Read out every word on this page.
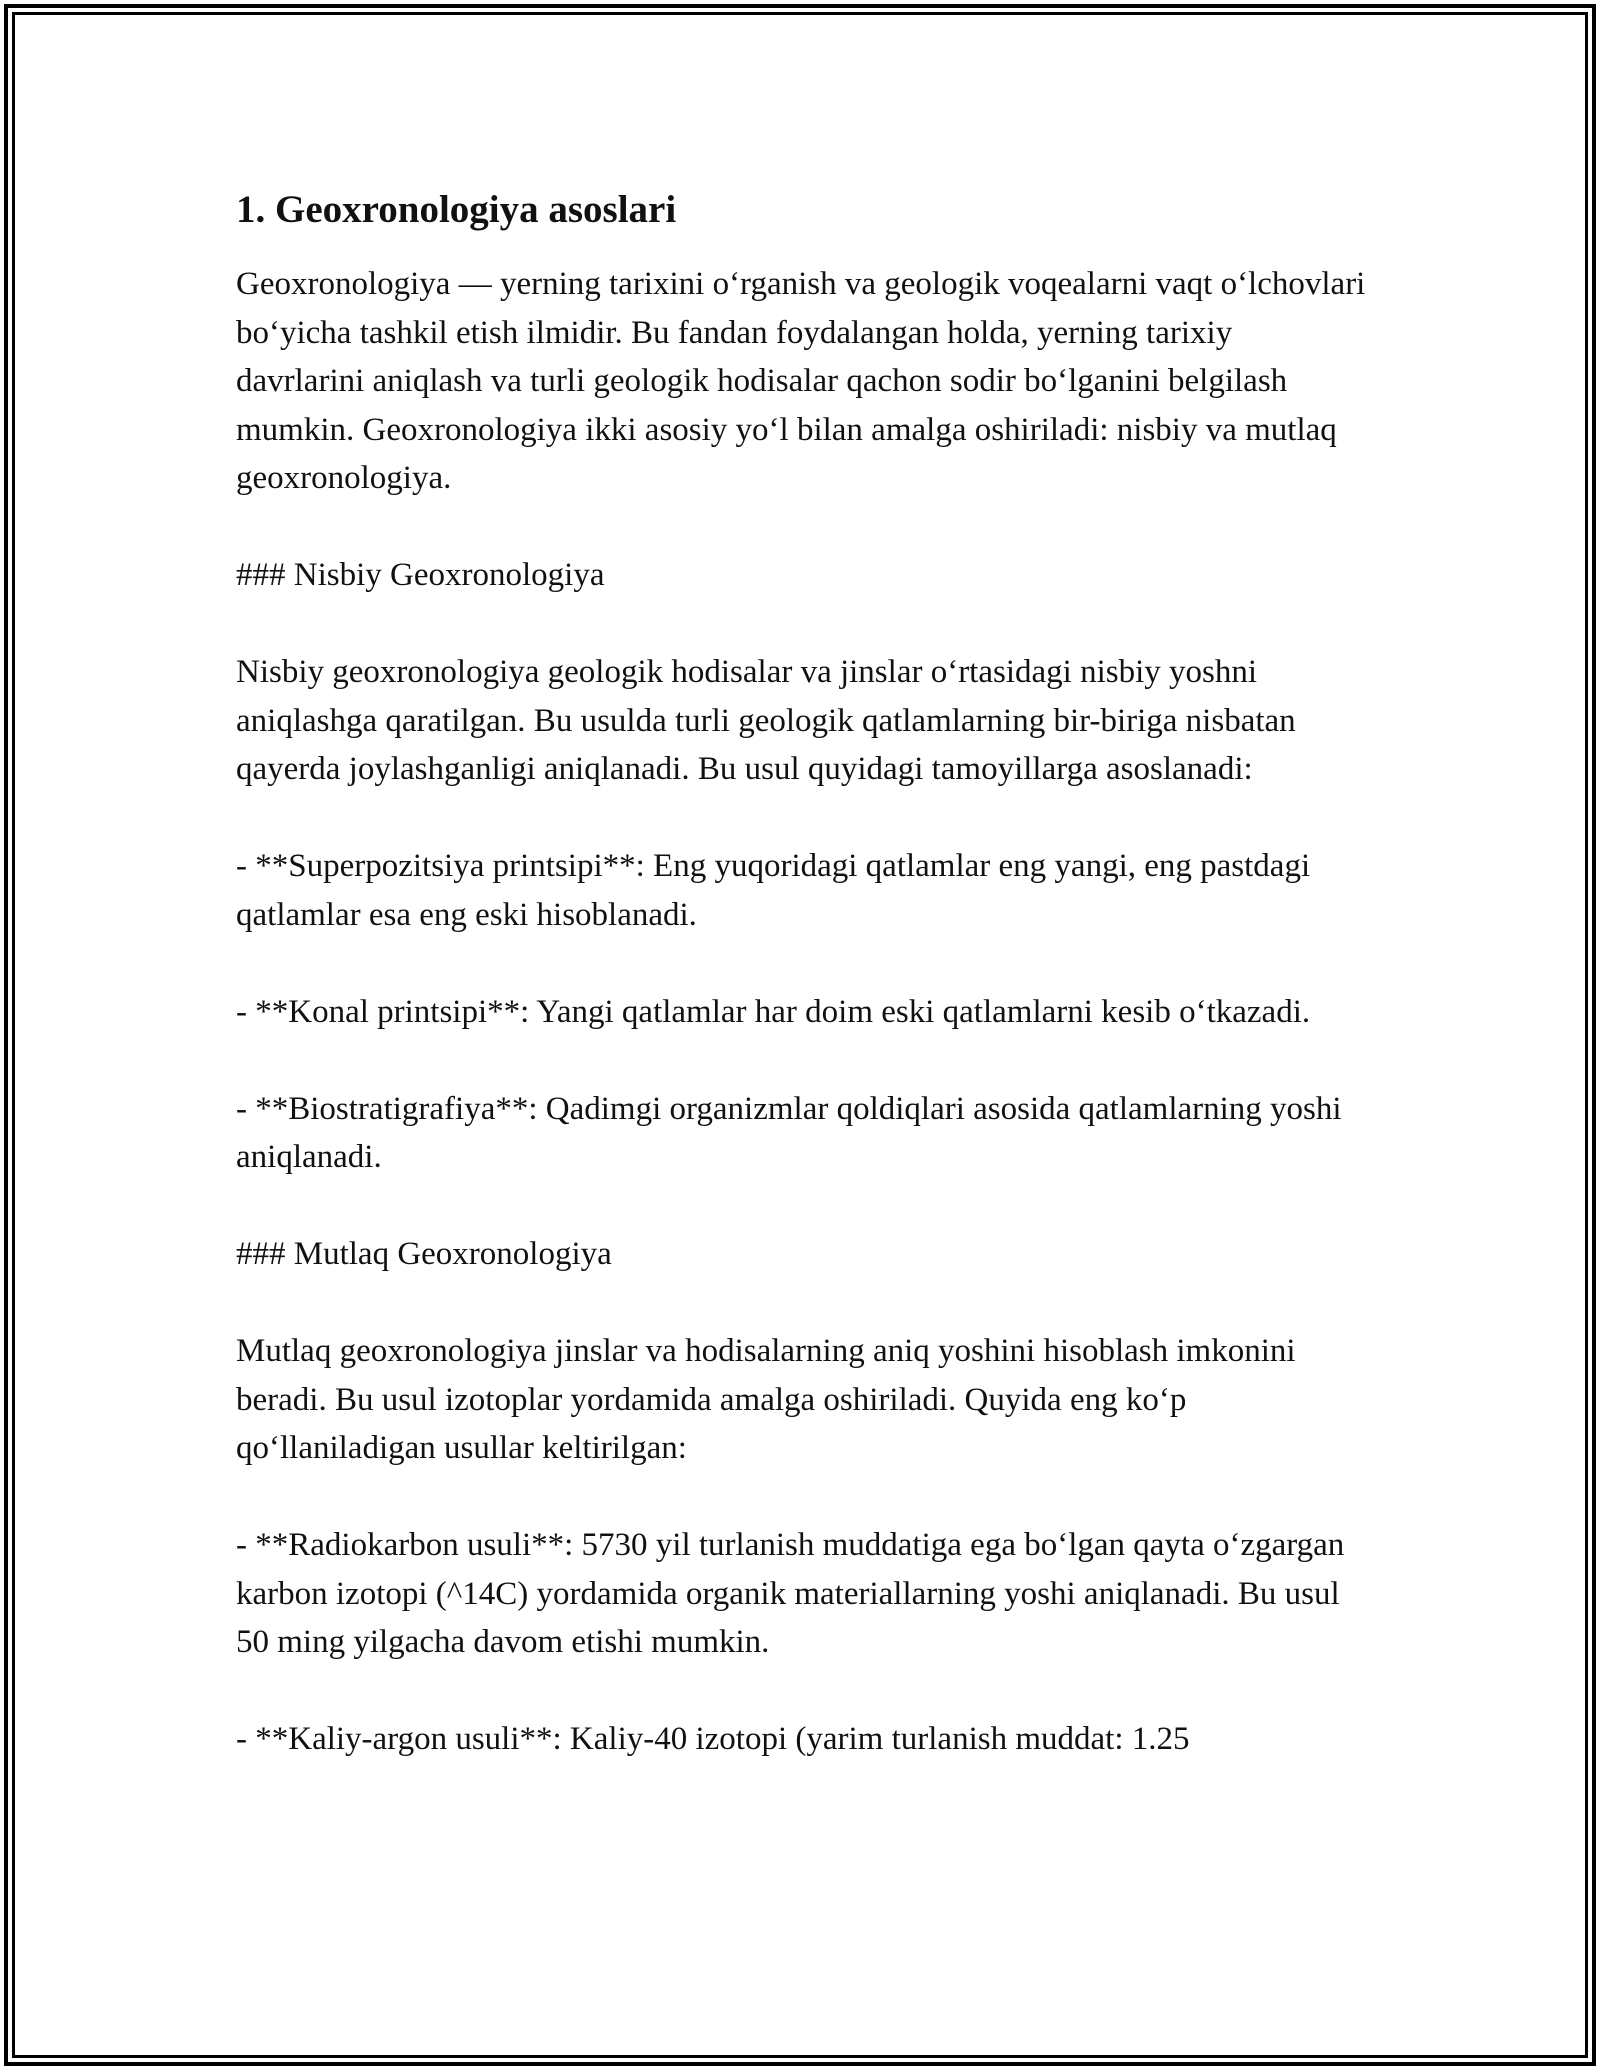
1. Geoxronologiya asoslari

Geoxronologiya — yerning tarixini o‘rganish va geologik voqealarni vaqt o‘lchovlari bo‘yicha tashkil etish ilmidir. Bu fandan foydalangan holda, yerning tarixiy davrlarini aniqlash va turli geologik hodisalar qachon sodir bo‘lganini belgilash mumkin. Geoxronologiya ikki asosiy yo‘l bilan amalga oshiriladi: nisbiy va mutlaq geoxronologiya.

### Nisbiy Geoxronologiya

Nisbiy geoxronologiya geologik hodisalar va jinslar o‘rtasidagi nisbiy yoshni aniqlashga qaratilgan. Bu usulda turli geologik qatlamlarning bir-biriga nisbatan qayerda joylashganligi aniqlanadi. Bu usul quyidagi tamoyillarga asoslanadi:

- **Superpozitsiya printsipi**: Eng yuqoridagi qatlamlar eng yangi, eng pastdagi qatlamlar esa eng eski hisoblanadi.

- **Konal printsipi**: Yangi qatlamlar har doim eski qatlamlarni kesib o‘tkazadi.

- **Biostratigrafiya**: Qadimgi organizmlar qoldiqlari asosida qatlamlarning yoshi aniqlanadi.

### Mutlaq Geoxronologiya

Mutlaq geoxronologiya jinslar va hodisalarning aniq yoshini hisoblash imkonini beradi. Bu usul izotoplar yordamida amalga oshiriladi. Quyida eng ko‘p qo‘llaniladigan usullar keltirilgan:

- **Radiokarbon usuli**: 5730 yil turlanish muddatiga ega bo‘lgan qayta o‘zgargan karbon izotopi (^14C) yordamida organik materiallarning yoshi aniqlanadi. Bu usul 50 ming yilgacha davom etishi mumkin.

- **Kaliy-argon usuli**: Kaliy-40 izotopi (yarim turlanish muddat: 1.25
